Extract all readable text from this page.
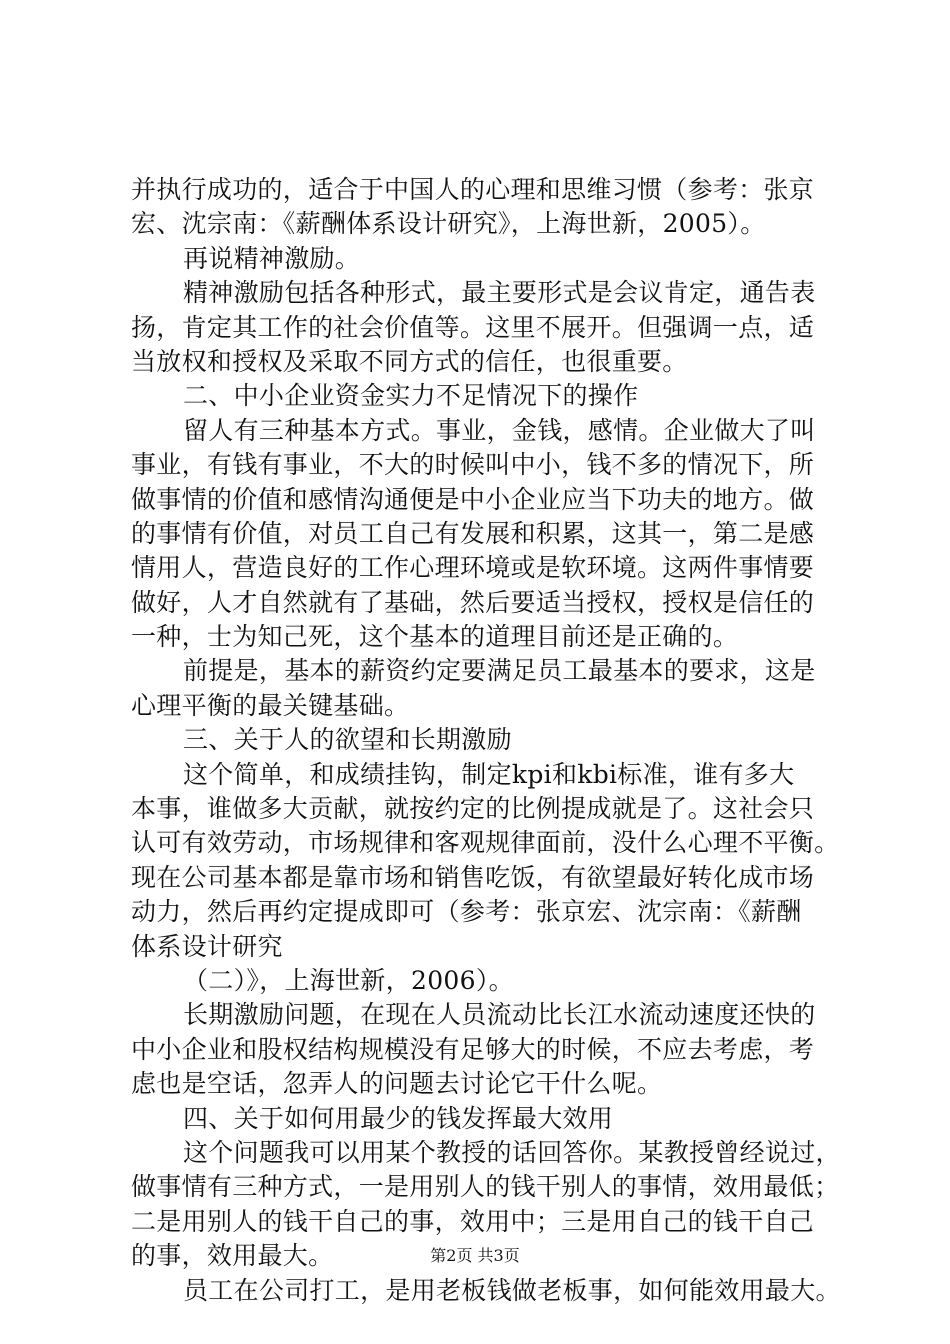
并执行成功的，适合于中国人的心理和思维习惯（参考：张京
宏、沈宗南：《薪酬体系设计研究》，上海世新，2005）。
再说精神激励。
精神激励包括各种形式，最主要形式是会议肯定，通告表
扬，肯定其工作的社会价值等。这里不展开。但强调一点，适
当放权和授权及采取不同方式的信任，也很重要。
二、中小企业资金实力不足情况下的操作
留人有三种基本方式。事业，金钱，感情。企业做大了叫
事业，有钱有事业，不大的时候叫中小，钱不多的情况下，所
做事情的价值和感情沟通便是中小企业应当下功夫的地方。做
的事情有价值，对员工自己有发展和积累，这其一，第二是感
情用人，营造良好的工作心理环境或是软环境。这两件事情要
做好，人才自然就有了基础，然后要适当授权，授权是信任的
一种，士为知己死，这个基本的道理目前还是正确的。
前提是，基本的薪资约定要满足员工最基本的要求，这是
心理平衡的最关键基础。
三、关于人的欲望和长期激励
这个简单，和成绩挂钩，制定kpi和kbi标准，谁有多大
本事，谁做多大贡献，就按约定的比例提成就是了。这社会只
认可有效劳动，市场规律和客观规律面前，没什么心理不平衡。
现在公司基本都是靠市场和销售吃饭，有欲望最好转化成市场
动力，然后再约定提成即可（参考：张京宏、沈宗南：《薪酬
体系设计研究
（二）》，上海世新，2006）。
长期激励问题，在现在人员流动比长江水流动速度还快的
中小企业和股权结构规模没有足够大的时候，不应去考虑，考
虑也是空话，忽弄人的问题去讨论它干什么呢。
四、关于如何用最少的钱发挥最大效用
这个问题我可以用某个教授的话回答你。某教授曾经说过，
做事情有三种方式，一是用别人的钱干别人的事情，效用最低；
二是用别人的钱干自己的事，效用中；三是用自己的钱干自己
的事，效用最大。
员工在公司打工，是用老板钱做老板事，如何能效用最大。
第2页 共3页
